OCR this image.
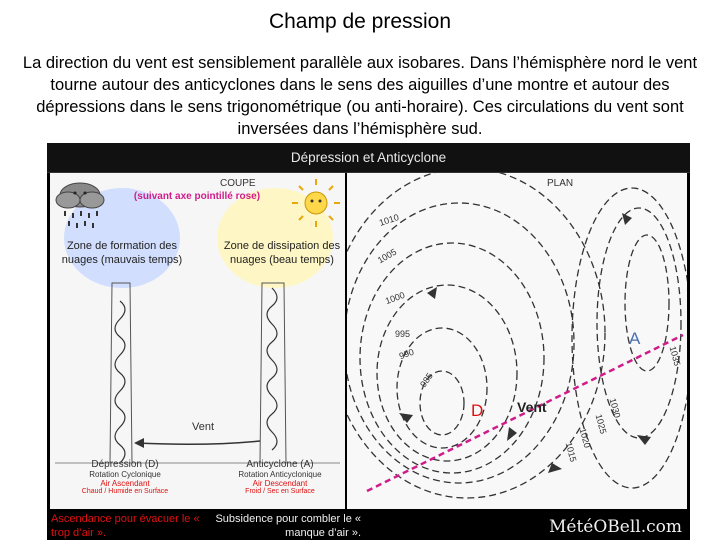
Champ de pression
La direction du vent est sensiblement parallèle aux isobares. Dans l’hémisphère nord le vent tourne autour des anticyclones dans le sens des aiguilles d’une montre et autour des dépressions dans le sens trigonométrique (ou anti-horaire). Ces circulations du vent sont inversées dans l’hémisphère sud.
Dépression et Anticyclone
COUPE
(suivant axe pointillé rose)
Zone de formation des nuages (mauvais temps)
Zone de dissipation des nuages (beau temps)
Vent
Dépression (D)
Rotation Cyclonique
Air Ascendant
Chaud / Humide en Surface
Anticyclone (A)
Rotation Anticyclonique
Air Descendant
Froid / Sec en Surface
PLAN
1010
1005
1000
995
990
985
1035
1030
1025
1020
1015
A
D Vent
Ascendance pour évacuer le « trop d’air ».
Subsidence pour combler le « manque d’air ».	MétéOBell.com
